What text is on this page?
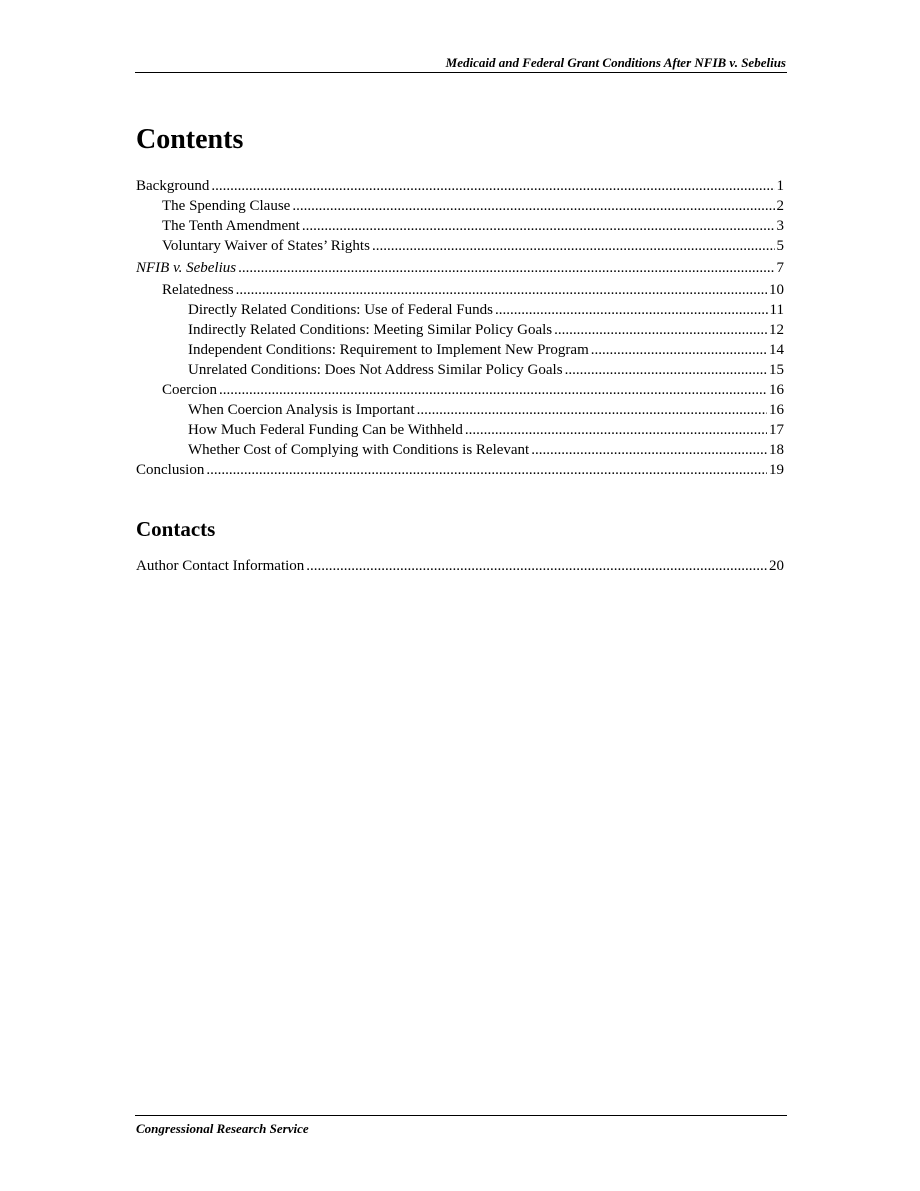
Medicaid and Federal Grant Conditions After NFIB v. Sebelius
Contents
Background .....	1
The Spending Clause .....	2
The Tenth Amendment .....	3
Voluntary Waiver of States’ Rights .....	5
NFIB v. Sebelius .....	7
Relatedness .....	10
Directly Related Conditions: Use of Federal Funds .....	11
Indirectly Related Conditions: Meeting Similar Policy Goals .....	12
Independent Conditions: Requirement to Implement New Program .....	14
Unrelated Conditions: Does Not Address Similar Policy Goals .....	15
Coercion .....	16
When Coercion Analysis is Important .....	16
How Much Federal Funding Can be Withheld .....	17
Whether Cost of Complying with Conditions is Relevant .....	18
Conclusion .....	19
Contacts
Author Contact Information .....	20
Congressional Research Service
